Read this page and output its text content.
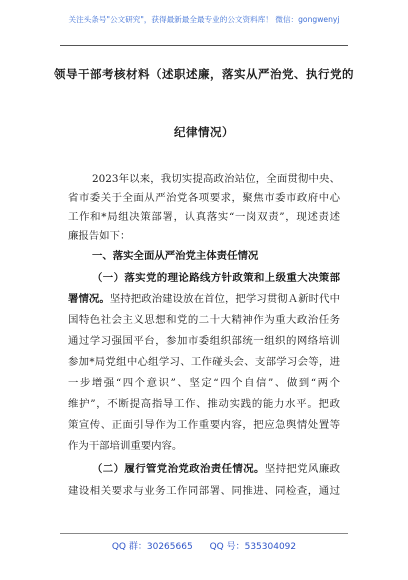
关注头条号"公文研究"，获得最新最全最专业的公文资料库！ 微信：gongwenyj
领导干部考核材料（述职述廉，落实从严治党、执行党的
纪律情况）
2023年以来，我切实提高政治站位，全面贯彻中央、
省市委关于全面从严治党各项要求，聚焦市委市政府中心
工作和*局组决策部署，认真落实“一岗双责”，现述责述
廉报告如下：
一、落实全面从严治党主体责任情况
（一）落实党的理论路线方针政策和上级重大决策部
署情况。坚持把政治建设放在首位，把学习贯彻Ａ新时代中
国特色社会主义思想和党的二十大精神作为重大政治任务
通过学习强国平台，参加市委组织部统一组织的网络培训
参加*局党组中心组学习、工作碰头会、支部学习会等，进
一步增强“四个意识”、坚定“四个自信”、做到“两个
维护”，不断提高指导工作、推动实践的能力水平。把政
策宣传、正面引导作为工作重要内容，把应急舆情处置等
作为干部培训重要内容。
（二）履行管党治党政治责任情况。坚持把党风廉政
建设相关要求与业务工作同部署、同推进、同检查，通过
QQ 群：30265665 QQ 号：535304092
